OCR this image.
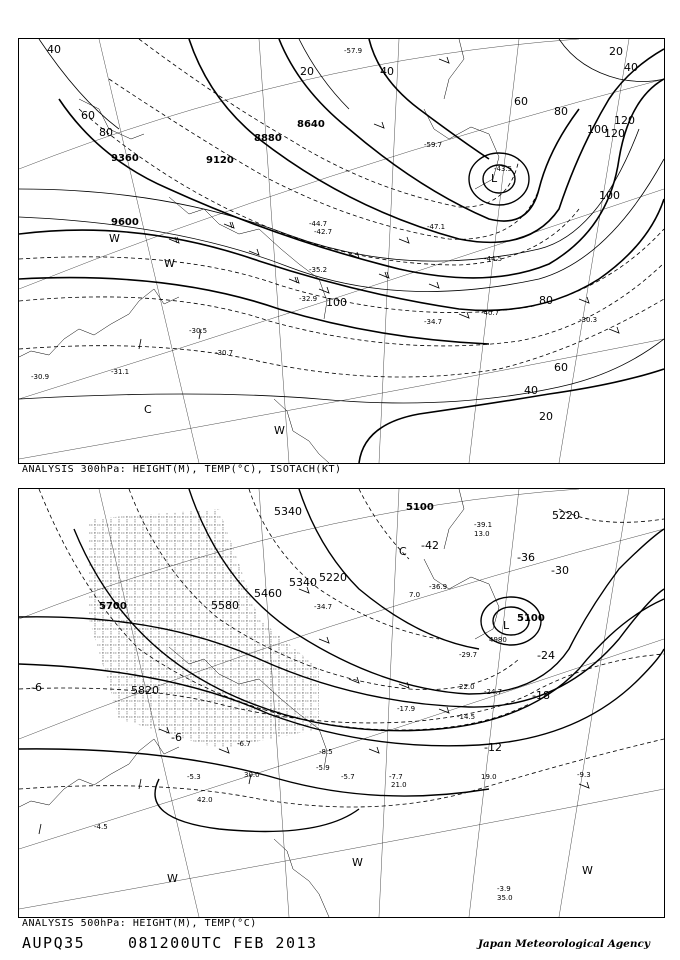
9600
9360	9120
8880
8640
40
60
80
100
120
20	40
60
80
100
120
20
40
60
80
100
20
40
L
W
W
C
W
-44.7
-42.7
-40.7
-34.7	-30.3
-59.7
-57.9
-47.1
-35.2
-32.9
-31.1
-30.7
-30.5
-30.9
-43.5
-44.5
ANALYSIS 300hPa: HEIGHT(M), TEMP(°C), ISOTACH(KT)
5700
5820
5580
5460
5340 5220
5100
5100
5220
5340
4980
-42
-36
-30
-24
-18
-12
-6
-6
L
C
W
W
W
-39.1
-36.9
-34.7
-29.7
-24.7
-17.9
-14.5
-9.3
-8.5
-7.7
-5.9
-5.7
-5.3
-4.5
-3.9
-6.7
21.0
19.0
35.0
42.0
30.0
13.0
22.0
7.0
ANALYSIS 500hPa: HEIGHT(M), TEMP(°C)
AUPQ35	081200UTC FEB 2013	Japan Meteorological Agency
